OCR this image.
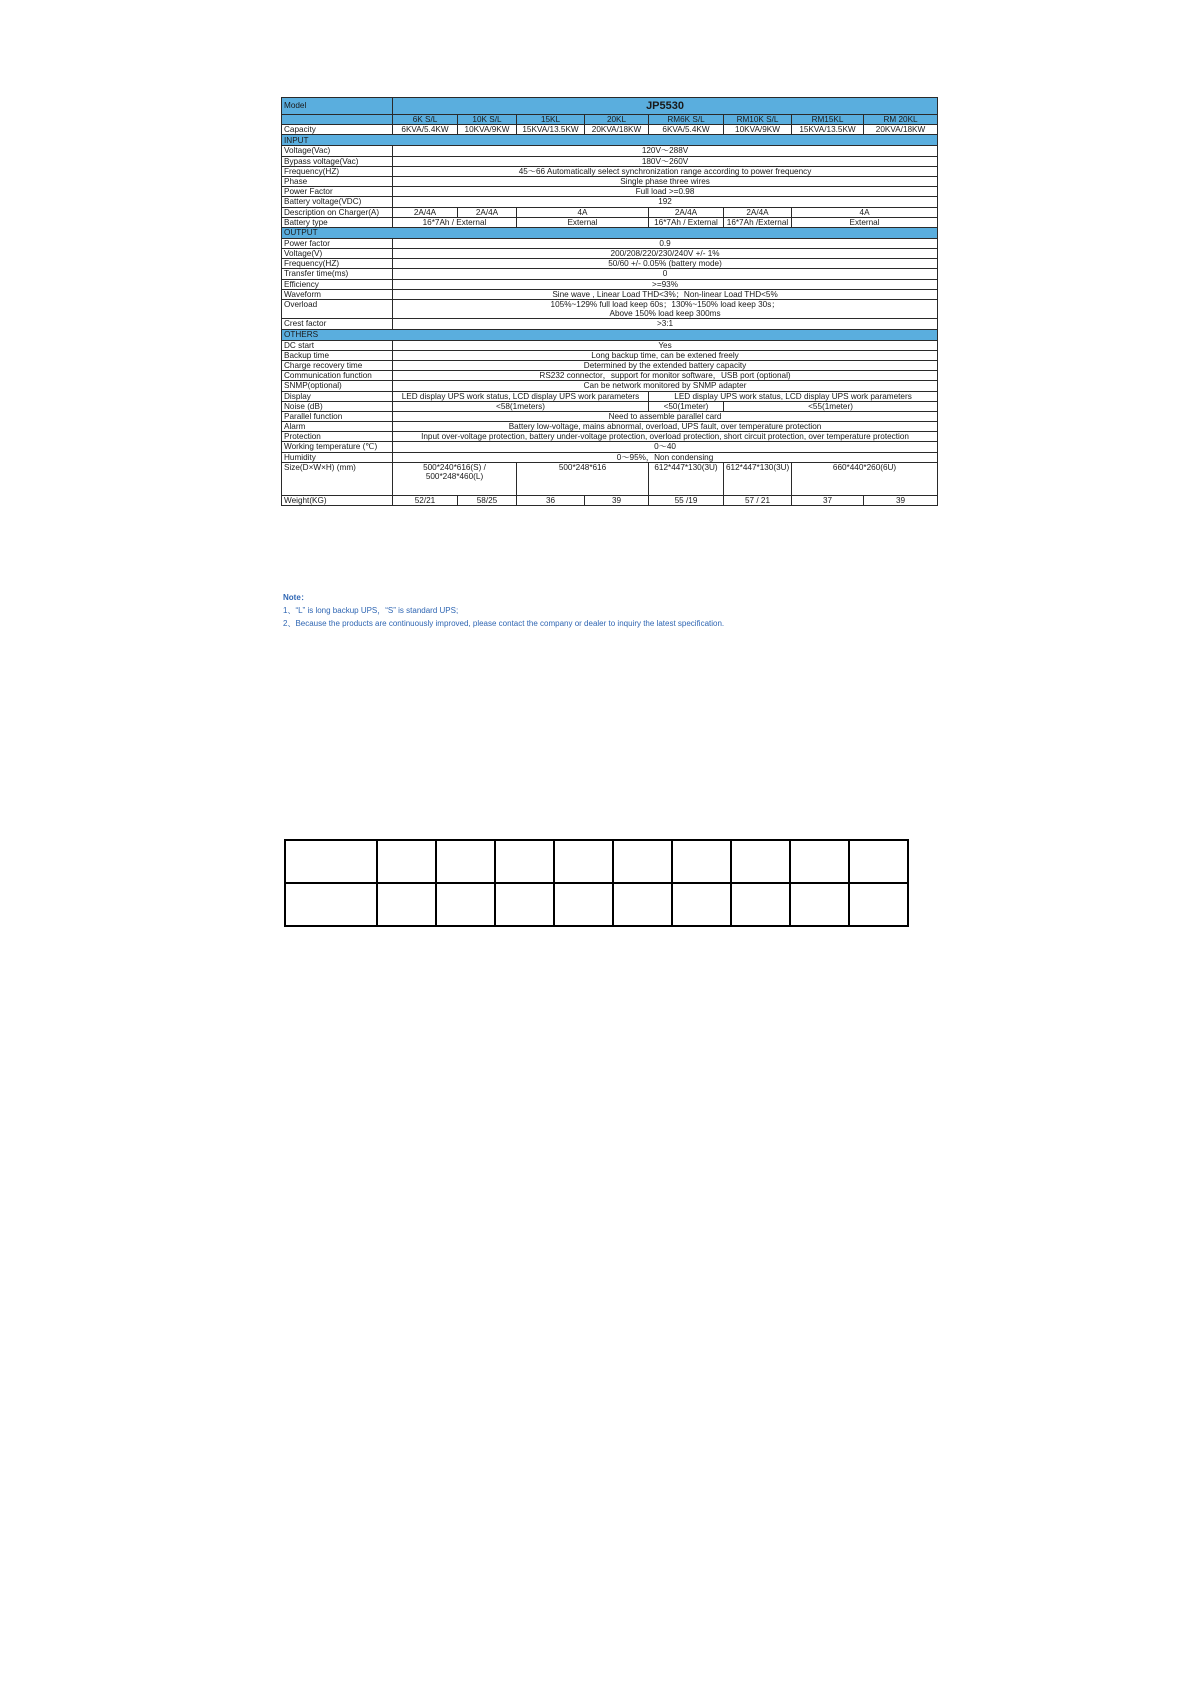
Model	JP5530							
	6K S/L	10K S/L	15KL	20KL	RM6K S/L	RM10K S/L	RM15KL	RM 20KL
Capacity	6KVA/5.4KW	10KVA/9KW	15KVA/13.5KW	20KVA/18KW	6KVA/5.4KW	10KVA/9KW	15KVA/13.5KW	20KVA/18KW
INPUT								
Voltage(Vac)	120V～288V							
Bypass voltage(Vac)	180V～260V							
Frequency(HZ)	45～66 Automatically select synchronization range according to power frequency							
Phase	Single phase three wires							
Power Factor	Full load >=0.98							
Battery voltage(VDC)	192							
Description on Charger(A)	2A/4A	2A/4A	4A		2A/4A	2A/4A	4A	
Battery type	16*7Ah / External		External		16*7Ah / External	16*7Ah /External	External	
OUTPUT								
Power factor	0.9							
Voltage(V)	200/208/220/230/240V +/- 1%							
Frequency(HZ)	50/60 +/- 0.05% (battery mode)							
Transfer time(ms)	0							
Efficiency	>=93%							
Waveform	Sine wave , Linear Load THD<3%；Non-linear Load THD<5%							
Overload	105%~129% full load keep 60s；130%~150% load keep 30s；
Above 150% load keep 300ms							

Crest factor	>3:1							
OTHERS								
DC start	Yes							
Backup time	Long backup time, can be extened freely							
Charge recovery time	Determined by the extended battery capacity							
Communication function	RS232 connector，support for monitor software，USB port (optional)							
SNMP(optional)	Can be network monitored by SNMP adapter							
Display	LED display UPS work status, LCD display UPS work parameters				LED display UPS work status, LCD display UPS work parameters			
Noise (dB)	<58(1meters)				<50(1meter)	<55(1meter)		
Parallel function	Need to assemble parallel card							
Alarm	Battery low-voltage, mains abnormal, overload, UPS fault, over temperature protection							
Protection	Input over-voltage protection, battery under-voltage protection, overload protection, short circuit protection, over temperature protection							
Working temperature (℃)	0～40							
Humidity	0～95%，Non condensing							
Size(D×W×H) (mm)	500*240*616(S) /
500*248*460(L)		500*248*616		612*447*130(3U)	612*447*130(3U)	660*440*260(6U)	
Weight(KG)	52/21	58/25	36	39	55 /19	57 / 21	37	39
Note：
1、“L” is long backup UPS，“S” is standard UPS;
2、Because the products are continuously improved, please contact the company or dealer to inquiry the latest specification.
